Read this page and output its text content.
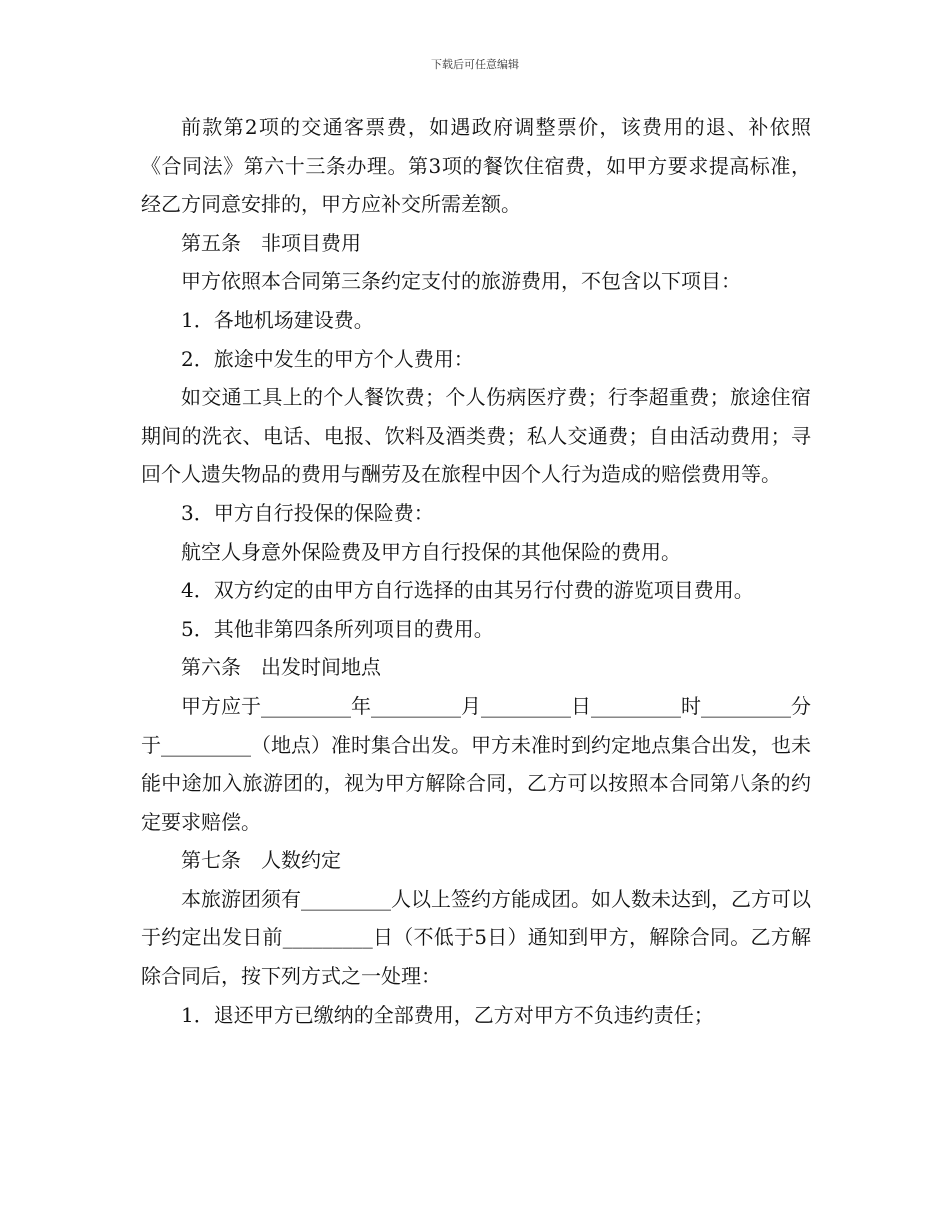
下载后可任意编辑

前款第2项的交通客票费，如遇政府调整票价，该费用的退、补依照《合同法》第六十三条办理。第3项的餐饮住宿费，如甲方要求提高标准，经乙方同意安排的，甲方应补交所需差额。

第五条　非项目费用

甲方依照本合同第三条约定支付的旅游费用，不包含以下项目：

1．各地机场建设费。

2．旅途中发生的甲方个人费用：

如交通工具上的个人餐饮费；个人伤病医疗费；行李超重费；旅途住宿期间的洗衣、电话、电报、饮料及酒类费；私人交通费；自由活动费用；寻回个人遗失物品的费用与酬劳及在旅程中因个人行为造成的赔偿费用等。

3．甲方自行投保的保险费：

航空人身意外保险费及甲方自行投保的其他保险的费用。

4．双方约定的由甲方自行选择的由其另行付费的游览项目费用。

5．其他非第四条所列项目的费用。

第六条　出发时间地点

甲方应于_________年_________月_________日_________时_________分于_________（地点）准时集合出发。甲方未准时到约定地点集合出发，也未能中途加入旅游团的，视为甲方解除合同，乙方可以按照本合同第八条的约定要求赔偿。

第七条　人数约定

本旅游团须有_________人以上签约方能成团。如人数未达到，乙方可以于约定出发日前_________日（不低于5日）通知到甲方，解除合同。乙方解除合同后，按下列方式之一处理：

1．退还甲方已缴纳的全部费用，乙方对甲方不负违约责任；
